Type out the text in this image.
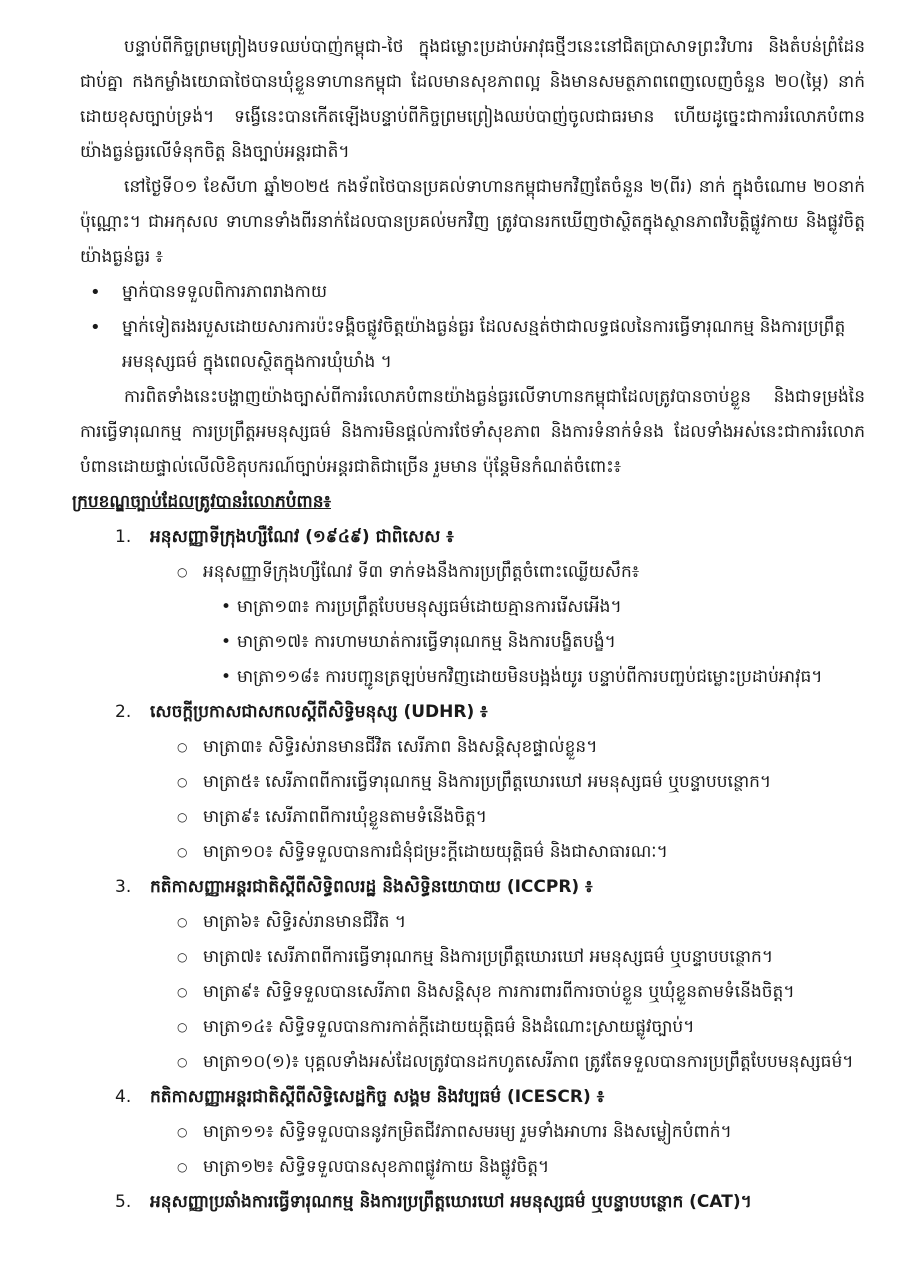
បន្ទាប់ពីកិច្ចព្រមព្រៀងបទឈប់បាញ់កម្ពុជា-ថៃ ក្នុងជម្លោះប្រដាប់អាវុធថ្មីៗនេះនៅជិតប្រាសាទព្រះវិហារ និងតំបន់ព្រំដែនជាប់គ្នា កងកម្លាំងយោធាថៃបានឃុំខ្លួនទាហានកម្ពុជា ដែលមានសុខភាពល្អ និងមានសមត្ថភាពពេញលេញចំនួន ២០(ម្ភៃ) នាក់ ដោយខុសច្បាប់ទ្រង់។ ទង្វើនេះបានកើតឡើងបន្ទាប់ពីកិច្ចព្រមព្រៀងឈប់បាញ់ចូលជាធរមាន ហើយដូច្នេះជាការរំលោភបំពានយ៉ាងធ្ងន់ធ្ងរលើទំនុកចិត្ត និងច្បាប់អន្តរជាតិ។

នៅថ្ងៃទី០១ ខែសីហា ឆ្នាំ២០២៥ កងទ័ពថៃបានប្រគល់ទាហានកម្ពុជាមកវិញតែចំនួន ២(ពីរ) នាក់ ក្នុងចំណោម ២០នាក់ ប៉ុណ្ណោះ។ ជាអកុសល ទាហានទាំងពីរនាក់ដែលបានប្រគល់មកវិញ ត្រូវបានរកឃើញថាស្ថិតក្នុងស្ថានភាពវិបត្តិផ្លូវកាយ និងផ្លូវចិត្តយ៉ាងធ្ងន់ធ្ងរ ៖

• ម្នាក់បានទទួលពិការភាពរាងកាយ
• ម្នាក់ទៀតរងរបួសដោយសារការប៉ះទង្គិចផ្លូវចិត្តយ៉ាងធ្ងន់ធ្ងរ ដែលសន្មត់ថាជាលទ្ធផលនៃការធ្វើទារុណកម្ម និងការប្រព្រឹត្តអមនុស្សធម៌ ក្នុងពេលស្ថិតក្នុងការឃុំឃាំង ។

ការពិតទាំងនេះបង្ហាញយ៉ាងច្បាស់ពីការរំលោភបំពានយ៉ាងធ្ងន់ធ្ងរលើទាហានកម្ពុជាដែលត្រូវបានចាប់ខ្លួន និងជាទម្រង់នៃការធ្វើទារុណកម្ម ការប្រព្រឹត្តអមនុស្សធម៌ និងការមិនផ្តល់ការថែទាំសុខភាព និងការទំនាក់ទំនង ដែលទាំងអស់នេះជាការរំលោភបំពានដោយផ្ទាល់លើលិខិតុបករណ៍ច្បាប់អន្តរជាតិជាច្រើន រួមមាន ប៉ុន្តែមិនកំណត់ចំពោះ៖

ក្របខណ្ឌច្បាប់ដែលត្រូវបានរំលោភបំពាន៖

1. អនុសញ្ញាទីក្រុងហ្សឺណែវ (១៩៤៩) ជាពិសេស ៖
○ អនុសញ្ញាទីក្រុងហ្សឺណែវ ទី៣ ទាក់ទងនឹងការប្រព្រឹត្តចំពោះឈ្លើយសឹក៖
• មាត្រា១៣៖ ការប្រព្រឹត្តបែបមនុស្សធម៌ដោយគ្មានការរើសអើង។
• មាត្រា១៧៖ ការហាមឃាត់ការធ្វើទារុណកម្ម និងការបង្ខិតបង្ខំ។
• មាត្រា១១៨៖ ការបញ្ជូនត្រឡប់មកវិញដោយមិនបង្អង់យូរ បន្ទាប់ពីការបញ្ចប់ជម្លោះប្រដាប់អាវុធ។
2. សេចក្តីប្រកាសជាសកលស្តីពីសិទ្ធិមនុស្ស (UDHR) ៖
○ មាត្រា៣៖ សិទ្ធិរស់រានមានជីវិត សេរីភាព និងសន្តិសុខផ្ទាល់ខ្លួន។
○ មាត្រា៥៖ សេរីភាពពីការធ្វើទារុណកម្ម និងការប្រព្រឹត្តឃោរឃៅ អមនុស្សធម៌ ឬបន្ទាបបន្ថោក។
○ មាត្រា៩៖ សេរីភាពពីការឃុំខ្លួនតាមទំនើងចិត្ត។
○ មាត្រា១០៖ សិទ្ធិទទួលបានការជំនុំជម្រះក្តីដោយយុត្តិធម៌ និងជាសាធារណៈ។
3. កតិកាសញ្ញាអន្តរជាតិស្តីពីសិទ្ធិពលរដ្ឋ និងសិទ្ធិនយោបាយ (ICCPR) ៖
○ មាត្រា៦៖ សិទ្ធិរស់រានមានជីវិត ។
○ មាត្រា៧៖ សេរីភាពពីការធ្វើទារុណកម្ម និងការប្រព្រឹត្តឃោរឃៅ អមនុស្សធម៌ ឬបន្ទាបបន្ថោក។
○ មាត្រា៩៖ សិទ្ធិទទួលបានសេរីភាព និងសន្តិសុខ ការការពារពីការចាប់ខ្លួន ឬឃុំខ្លួនតាមទំនើងចិត្ត។
○ មាត្រា១៤៖ សិទ្ធិទទួលបានការកាត់ក្តីដោយយុត្តិធម៌ និងដំណោះស្រាយផ្លូវច្បាប់។
○ មាត្រា១០(១)៖ បុគ្គលទាំងអស់ដែលត្រូវបានដកហូតសេរីភាព ត្រូវតែទទួលបានការប្រព្រឹត្តបែបមនុស្សធម៌។
4. កតិកាសញ្ញាអន្តរជាតិស្តីពីសិទ្ធិសេដ្ឋកិច្ច សង្គម និងវប្បធម៌ (ICESCR) ៖
○ មាត្រា១១៖ សិទ្ធិទទួលបាននូវកម្រិតជីវភាពសមរម្យ រួមទាំងអាហារ និងសម្លៀកបំពាក់។
○ មាត្រា១២៖ សិទ្ធិទទួលបានសុខភាពផ្លូវកាយ និងផ្លូវចិត្ត។
5. អនុសញ្ញាប្រឆាំងការធ្វើទារុណកម្ម និងការប្រព្រឹត្តឃោរឃៅ អមនុស្សធម៌ ឬបន្ទាបបន្ថោក (CAT)។
